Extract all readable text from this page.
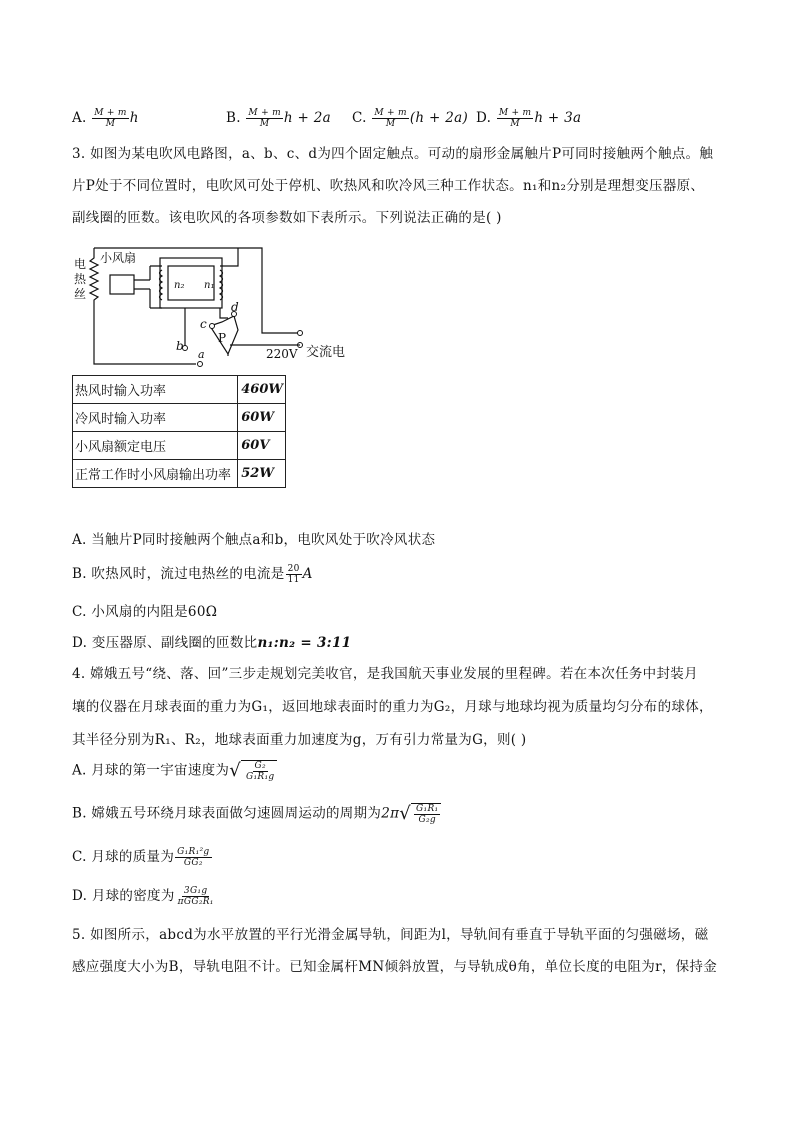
A. $\frac{M + m}{M}$ h	B. $\frac{M + m}{M}$ h + 2a C. $\frac{M + m}{M} (h + 2a)$ D. $\frac{M + m}{M}$ h + 3a
3. 如图为某电吹风电路图，a、b、c、d为四个固定触点。可动的扇形金属触片P可同时接触两个触点。触
片P处于不同位置时，电吹风可处于停机、吹热风和吹冷风三种工作状态。n₁和n₂分别是理想变压器原、
副线圈的匝数。该电吹风的各项参数如下表所示。下列说法正确的是( )
小风扇
电
热
丝
n₂ n₁
b
a
c
d
P
220V 交流电
热风时输入功率	460W
冷风时输入功率	60W
小风扇额定电压	60V
正常工作时小风扇输出功率	52W
A. 当触片P同时接触两个触点a和b，电吹风处于吹冷风状态
B. 吹热风时，流过电热丝的电流是 $\frac{20}{11}$ A
C. 小风扇的内阻是60Ω
D. 变压器原、副线圈的匝数比n₁:n₂ = 3:11
4. 嫦娥五号“绕、落、回”三步走规划完美收官，是我国航天事业发展的里程碑。若在本次任务中封装月
壤的仪器在月球表面的重力为G₁，返回地球表面时的重力为G₂，月球与地球均视为质量均匀分布的球体，
其半径分别为R₁、R₂，地球表面重力加速度为g，万有引力常量为G，则( )
A. 月球的第一宇宙速度为 √ $\frac{\text{G₂}}{\text{G₁R₁g}}$
B. 嫦娥五号环绕月球表面做匀速圆周运动的周期为2π √ $\frac{\text{G₁R₁}}{\text{G₂g}}$
C. 月球的质量为 $\frac{\text{G₁R₁²g}}{\text{GG₂}}$
D. 月球的密度为 $\frac{\text{3G₁g}}{\text{πGG₂R₁}}$
5. 如图所示，abcd为水平放置的平行光滑金属导轨，间距为l，导轨间有垂直于导轨平面的匀强磁场，磁
感应强度大小为B，导轨电阻不计。已知金属杆MN倾斜放置，与导轨成θ角，单位长度的电阻为r，保持金
